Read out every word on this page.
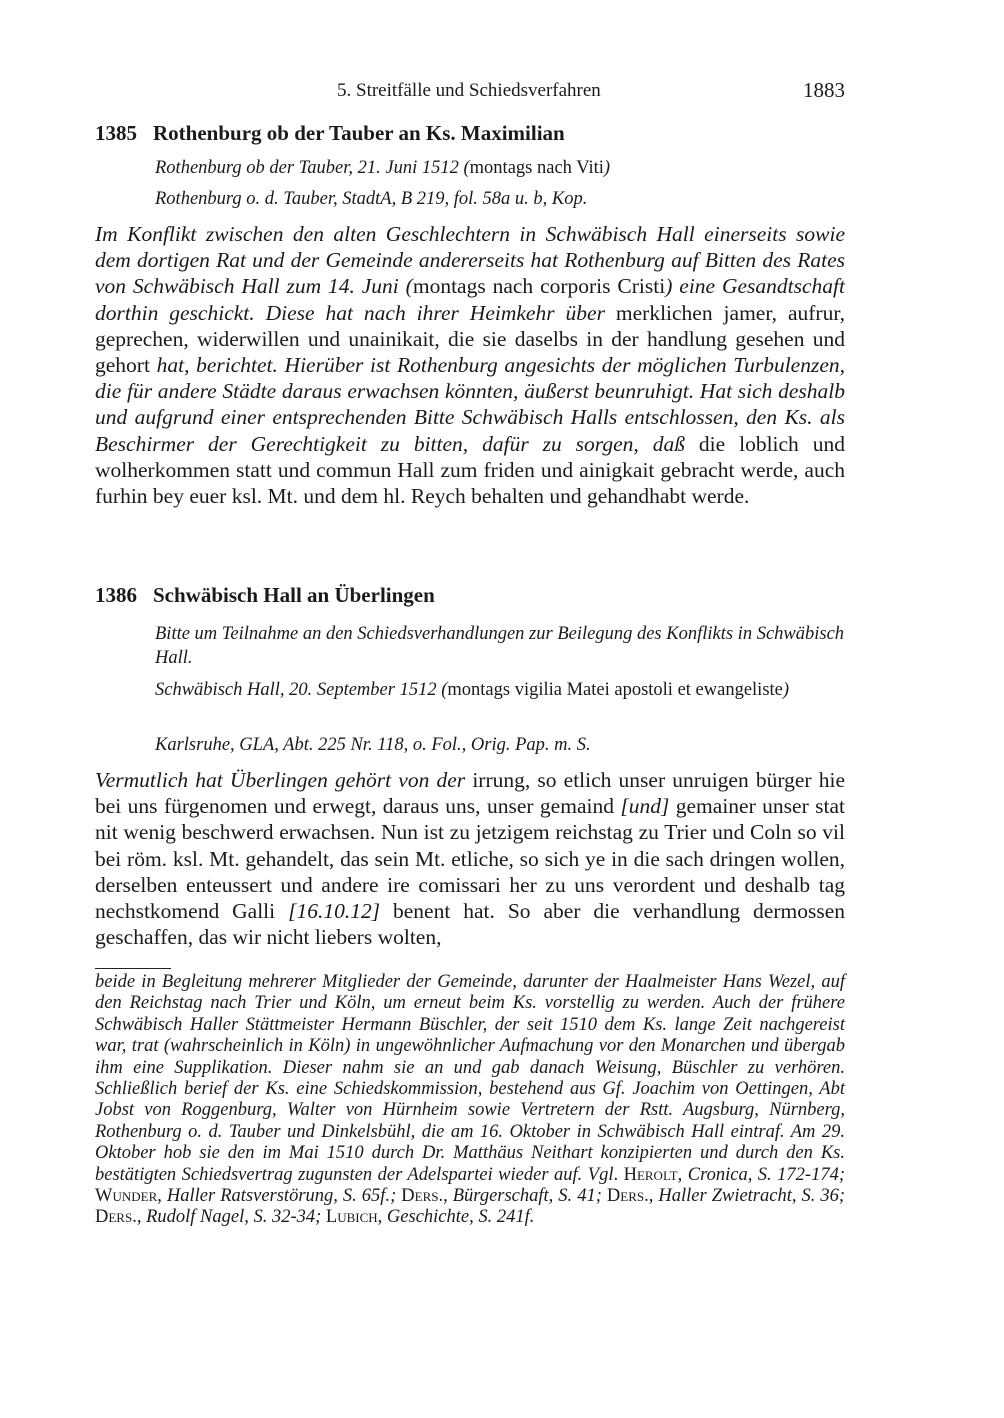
5. Streitfälle und Schiedsverfahren	1883
1385 Rothenburg ob der Tauber an Ks. Maximilian
Rothenburg ob der Tauber, 21. Juni 1512 (montags nach Viti)
Rothenburg o. d. Tauber, StadtA, B 219, fol. 58a u. b, Kop.
Im Konflikt zwischen den alten Geschlechtern in Schwäbisch Hall einerseits sowie dem dortigen Rat und der Gemeinde andererseits hat Rothenburg auf Bitten des Rates von Schwäbisch Hall zum 14. Juni (montags nach corporis Cristi) eine Gesandtschaft dorthin geschickt. Diese hat nach ihrer Heimkehr über merklichen jamer, aufrur, geprechen, widerwillen und unainikait, die sie daselbs in der handlung gesehen und gehort hat, berichtet. Hierüber ist Rothenburg angesichts der möglichen Turbulenzen, die für andere Städte daraus erwachsen könnten, äußerst beunruhigt. Hat sich deshalb und aufgrund einer entsprechenden Bitte Schwäbisch Halls entschlossen, den Ks. als Beschirmer der Gerechtigkeit zu bitten, dafür zu sorgen, daß die loblich und wolherkommen statt und commun Hall zum friden und ainigkait gebracht werde, auch furhin bey euer ksl. Mt. und dem hl. Reych behalten und gehandhabt werde.
1386 Schwäbisch Hall an Überlingen
Bitte um Teilnahme an den Schiedsverhandlungen zur Beilegung des Konflikts in Schwäbisch Hall.
Schwäbisch Hall, 20. September 1512 (montags vigilia Matei apostoli et ewangeliste)
Karlsruhe, GLA, Abt. 225 Nr. 118, o. Fol., Orig. Pap. m. S.
Vermutlich hat Überlingen gehört von der irrung, so etlich unser unruigen bürger hie bei uns fürgenomen und erwegt, daraus uns, unser gemaind [und] gemainer unser stat nit wenig beschwerd erwachsen. Nun ist zu jetzigem reichstag zu Trier und Coln so vil bei röm. ksl. Mt. gehandelt, das sein Mt. etliche, so sich ye in die sach dringen wollen, derselben enteussert und andere ire comissari her zu uns verordent und deshalb tag nechstkomend Galli [16.10.12] benent hat. So aber die verhandlung dermossen geschaffen, das wir nicht liebers wolten,
beide in Begleitung mehrerer Mitglieder der Gemeinde, darunter der Haalmeister Hans Wezel, auf den Reichstag nach Trier und Köln, um erneut beim Ks. vorstellig zu werden. Auch der frühere Schwäbisch Haller Stättmeister Hermann Büschler, der seit 1510 dem Ks. lange Zeit nachgereist war, trat (wahrscheinlich in Köln) in ungewöhnlicher Aufmachung vor den Monarchen und übergab ihm eine Supplikation. Dieser nahm sie an und gab danach Weisung, Büschler zu verhören. Schließlich berief der Ks. eine Schiedskommission, bestehend aus Gf. Joachim von Oettingen, Abt Jobst von Roggenburg, Walter von Hürnheim sowie Vertretern der Rstt. Augsburg, Nürnberg, Rothenburg o. d. Tauber und Dinkelsbühl, die am 16. Oktober in Schwäbisch Hall eintraf. Am 29. Oktober hob sie den im Mai 1510 durch Dr. Matthäus Neithart konzipierten und durch den Ks. bestätigten Schiedsvertrag zugunsten der Adelspartei wieder auf. Vgl. Herolt, Cronica, S. 172-174; Wunder, Haller Ratsverstörung, S. 65f.; Ders., Bürgerschaft, S. 41; Ders., Haller Zwietracht, S. 36; Ders., Rudolf Nagel, S. 32-34; Lubich, Geschichte, S. 241f.
